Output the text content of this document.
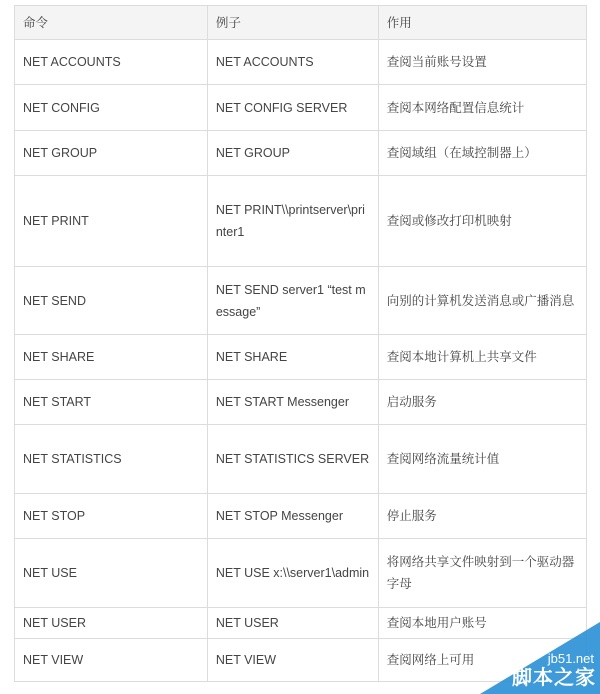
命令	例子	作用
NET ACCOUNTS	NET ACCOUNTS	查阅当前账号设置
NET CONFIG	NET CONFIG SERVER	查阅本网络配置信息统计
NET GROUP	NET GROUP	查阅域组（在域控制器上）
NET PRINT	NET PRINT\\printserver\printer1	查阅或修改打印机映射
NET SEND	NET SEND server1 “test message”	向别的计算机发送消息或广播消息
NET SHARE	NET SHARE	查阅本地计算机上共享文件
NET START	NET START Messenger	启动服务
NET STATISTICS	NET STATISTICS SERVER	查阅网络流量统计值
NET STOP	NET STOP Messenger	停止服务
NET USE	NET USE x:\\server1\admin	将网络共享文件映射到一个驱动器字母
NET USER	NET USER	查阅本地用户账号
NET VIEW	NET VIEW	查阅网络上可用	jb51.net
脚本之家
